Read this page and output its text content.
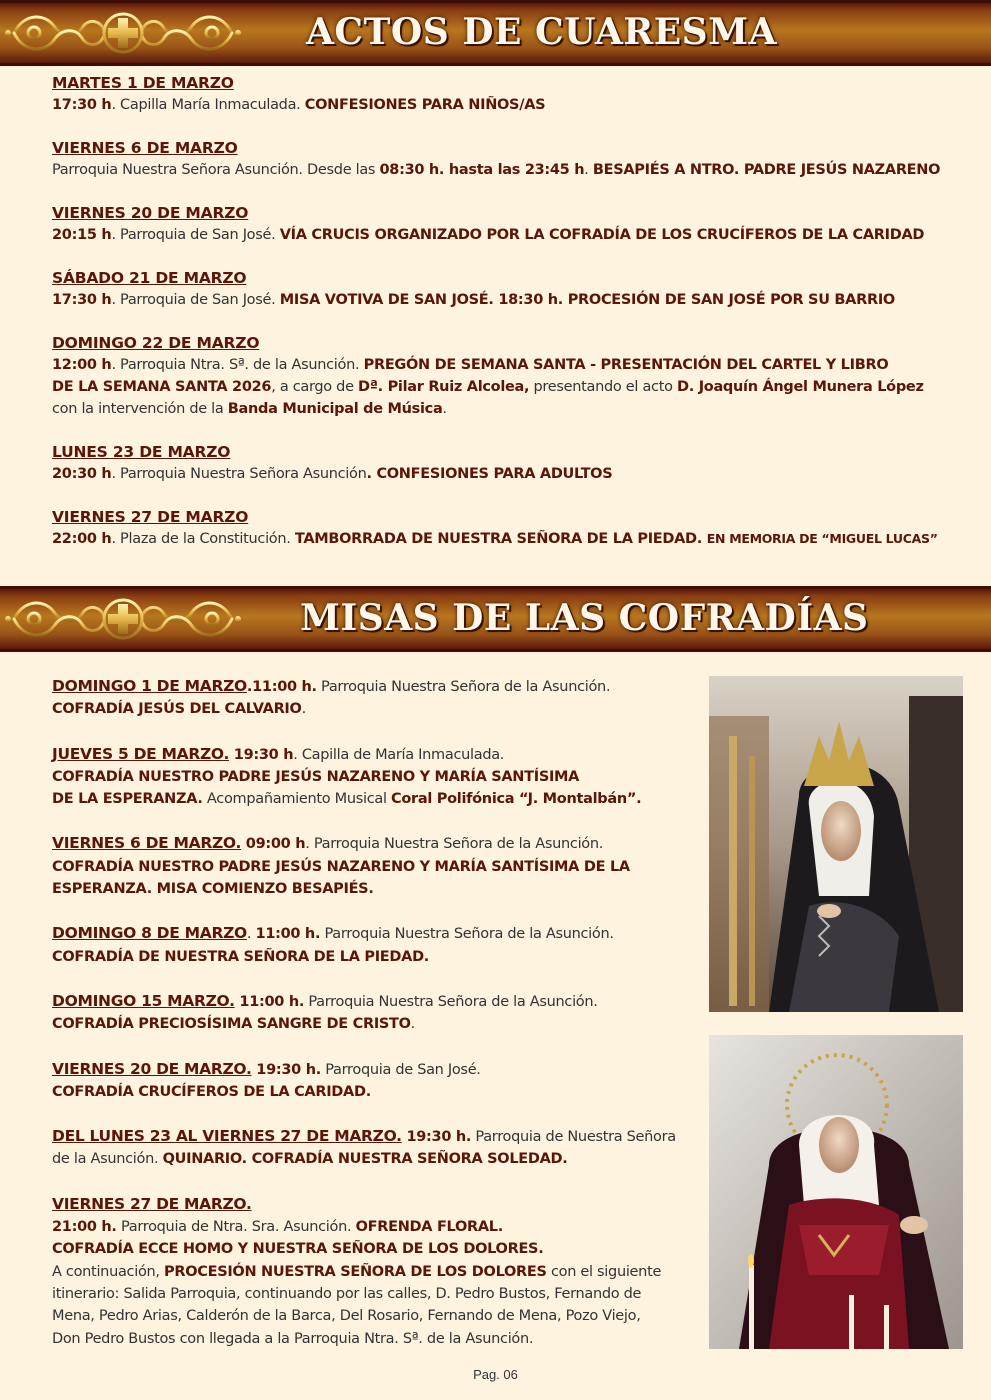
ACTOS DE CUARESMA
MARTES 1 DE MARZO
17:30 h. Capilla María Inmaculada. CONFESIONES PARA NIÑOS/AS
VIERNES 6 DE MARZO
Parroquia Nuestra Señora Asunción. Desde las 08:30 h. hasta las 23:45 h. BESAPIÉS A NTRO. PADRE JESÚS NAZARENO
VIERNES 20 DE MARZO
20:15 h. Parroquia de San José. VÍA CRUCIS ORGANIZADO POR LA COFRADÍA DE LOS CRUCÍFEROS DE LA CARIDAD
SÁBADO 21 DE MARZO
17:30 h. Parroquia de San José. MISA VOTIVA DE SAN JOSÉ. 18:30 h. PROCESIÓN DE SAN JOSÉ POR SU BARRIO
DOMINGO 22 DE MARZO
12:00 h. Parroquia Ntra. Sª. de la Asunción. PREGÓN DE SEMANA SANTA - PRESENTACIÓN DEL CARTEL Y LIBRO
DE LA SEMANA SANTA 2026, a cargo de Dª. Pilar Ruiz Alcolea, presentando el acto D. Joaquín Ángel Munera López
con la intervención de la Banda Municipal de Música.
LUNES 23 DE MARZO
20:30 h. Parroquia Nuestra Señora Asunción. CONFESIONES PARA ADULTOS
VIERNES 27 DE MARZO
22:00 h. Plaza de la Constitución. TAMBORRADA DE NUESTRA SEÑORA DE LA PIEDAD. EN MEMORIA DE “MIGUEL LUCAS”
MISAS DE LAS COFRADÍAS
DOMINGO 1 DE MARZO.11:00 h. Parroquia Nuestra Señora de la Asunción.
COFRADÍA JESÚS DEL CALVARIO.
JUEVES 5 DE MARZO. 19:30 h. Capilla de María Inmaculada.
COFRADÍA NUESTRO PADRE JESÚS NAZARENO Y MARÍA SANTÍSIMA
DE LA ESPERANZA. Acompañamiento Musical Coral Polifónica “J. Montalbán”.
VIERNES 6 DE MARZO. 09:00 h. Parroquia Nuestra Señora de la Asunción.
COFRADÍA NUESTRO PADRE JESÚS NAZARENO Y MARÍA SANTÍSIMA DE LA
ESPERANZA. MISA COMIENZO BESAPIÉS.
DOMINGO 8 DE MARZO. 11:00 h. Parroquia Nuestra Señora de la Asunción.
COFRADÍA DE NUESTRA SEÑORA DE LA PIEDAD.
DOMINGO 15 MARZO. 11:00 h. Parroquia Nuestra Señora de la Asunción.
COFRADÍA PRECIOSÍSIMA SANGRE DE CRISTO.
VIERNES 20 DE MARZO. 19:30 h. Parroquia de San José.
COFRADÍA CRUCÍFEROS DE LA CARIDAD.
DEL LUNES 23 AL VIERNES 27 DE MARZO. 19:30 h. Parroquia de Nuestra Señora
de la Asunción. QUINARIO. COFRADÍA NUESTRA SEÑORA SOLEDAD.
VIERNES 27 DE MARZO.
21:00 h. Parroquia de Ntra. Sra. Asunción. OFRENDA FLORAL.
COFRADÍA ECCE HOMO Y NUESTRA SEÑORA DE LOS DOLORES.
A continuación, PROCESIÓN NUESTRA SEÑORA DE LOS DOLORES con el siguiente
itinerario: Salida Parroquia, continuando por las calles, D. Pedro Bustos, Fernando de
Mena, Pedro Arias, Calderón de la Barca, Del Rosario, Fernando de Mena, Pozo Viejo,
Don Pedro Bustos con llegada a la Parroquia Ntra. Sª. de la Asunción.
Pag. 06
